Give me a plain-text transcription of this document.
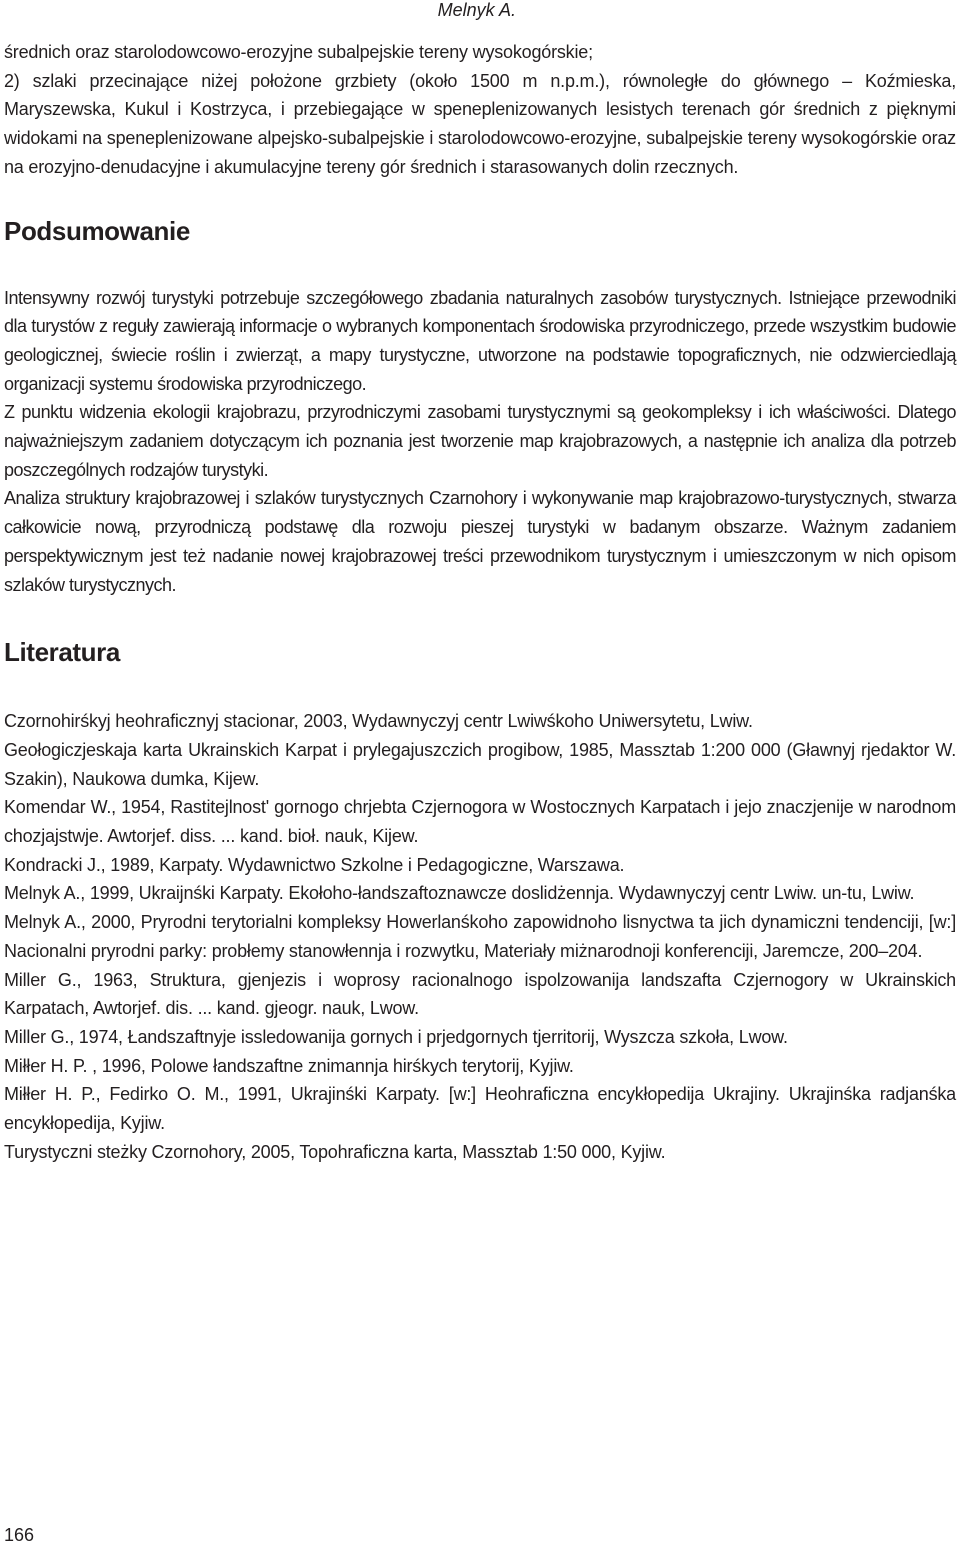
Melnyk A.

średnich oraz starolodowcowo-erozyjne subalpejskie tereny wysokogórskie;

2) szlaki przecinające niżej położone grzbiety (około 1500 m n.p.m.), równoległe do głównego – Koźmieska, Maryszewska, Kukul i Kostrzyca, i przebiegające w speneplenizowanych lesistych terenach gór średnich z pięknymi widokami na speneplenizowane alpejsko-subalpejskie i starolodowcowo-erozyjne, subalpejskie tereny wysokogórskie oraz na erozyjno-denudacyjne i akumulacyjne tereny gór średnich i starasowanych dolin rzecznych.

Podsumowanie

Intensywny rozwój turystyki potrzebuje szczegółowego zbadania naturalnych zasobów turystycznych. Istniejące przewodniki dla turystów z reguły zawierają informacje o wybranych komponentach środowiska przyrodniczego, przede wszystkim budowie geologicznej, świecie roślin i zwierząt, a mapy turystyczne, utworzone na podstawie topograficznych, nie odzwierciedlają organizacji systemu środowiska przyrodniczego.

Z punktu widzenia ekologii krajobrazu, przyrodniczymi zasobami turystycznymi są geokompleksy i ich właściwości. Dlatego najważniejszym zadaniem dotyczącym ich poznania jest tworzenie map krajobrazowych, a następnie ich analiza dla potrzeb poszczególnych rodzajów turystyki.

Analiza struktury krajobrazowej i szlaków turystycznych Czarnohory i wykonywanie map krajobrazowo-turystycznych, stwarza całkowicie nową, przyrodniczą podstawę dla rozwoju pieszej turystyki w badanym obszarze. Ważnym zadaniem perspektywicznym jest też nadanie nowej krajobrazowej treści przewodnikom turystycznym i umieszczonym w nich opisom szlaków turystycznych.

Literatura

Czornohirśkyj heohraficznyj stacionar, 2003, Wydawnyczyj centr Lwiwśkoho Uniwersytetu, Lwiw.

Geołogiczjeskaja karta Ukrainskich Karpat i prylegajuszczich progibow, 1985, Massztab 1:200 000 (Gławnyj rjedaktor W. Szakin), Naukowa dumka, Kijew.

Komendar W., 1954, Rastitejlnost' gornogo chrjebta Czjernogora w Wostocznych Karpatach i jejo znaczjenije w narodnom chozjajstwje. Awtorjef. diss. ... kand. bioł. nauk, Kijew.

Kondracki J., 1989, Karpaty. Wydawnictwo Szkolne i Pedagogiczne, Warszawa.

Melnyk A., 1999, Ukraijnśki Karpaty. Ekołoho-łandszaftoznawcze doslidżennja. Wydawnyczyj centr Lwiw. un-tu, Lwiw.

Melnyk A., 2000, Pryrodni terytorialni kompleksy Howerlanśkoho zapowidnoho lisnyctwa ta jich dynamiczni tendenciji, [w:] Nacionalni pryrodni parky: probłemy stanowłennja i rozwytku, Materiały miżnarodnoji konferenciji, Jaremcze, 200–204.

Miller G., 1963, Struktura, gjenjezis i woprosy racionalnogo ispolzowanija landszafta Czjernogory w Ukrainskich Karpatach, Awtorjef. dis. ... kand. gjeogr. nauk, Lwow.

Miller G., 1974, Łandszaftnyje issledowanija gornych i prjedgornych tjerritorij, Wyszcza szkoła, Lwow.

Miłłer H. P. , 1996, Polowe łandszaftne znimannja hirśkych terytorij, Kyjiw.

Miłłer H. P., Fedirko O. M., 1991, Ukrajinśki Karpaty. [w:] Heohraficzna encykłopedija Ukrajiny. Ukrajinśka radjanśka encykłopedija, Kyjiw.

Turystyczni steżky Czornohory, 2005, Topohraficzna karta, Massztab 1:50 000, Kyjiw.

166
